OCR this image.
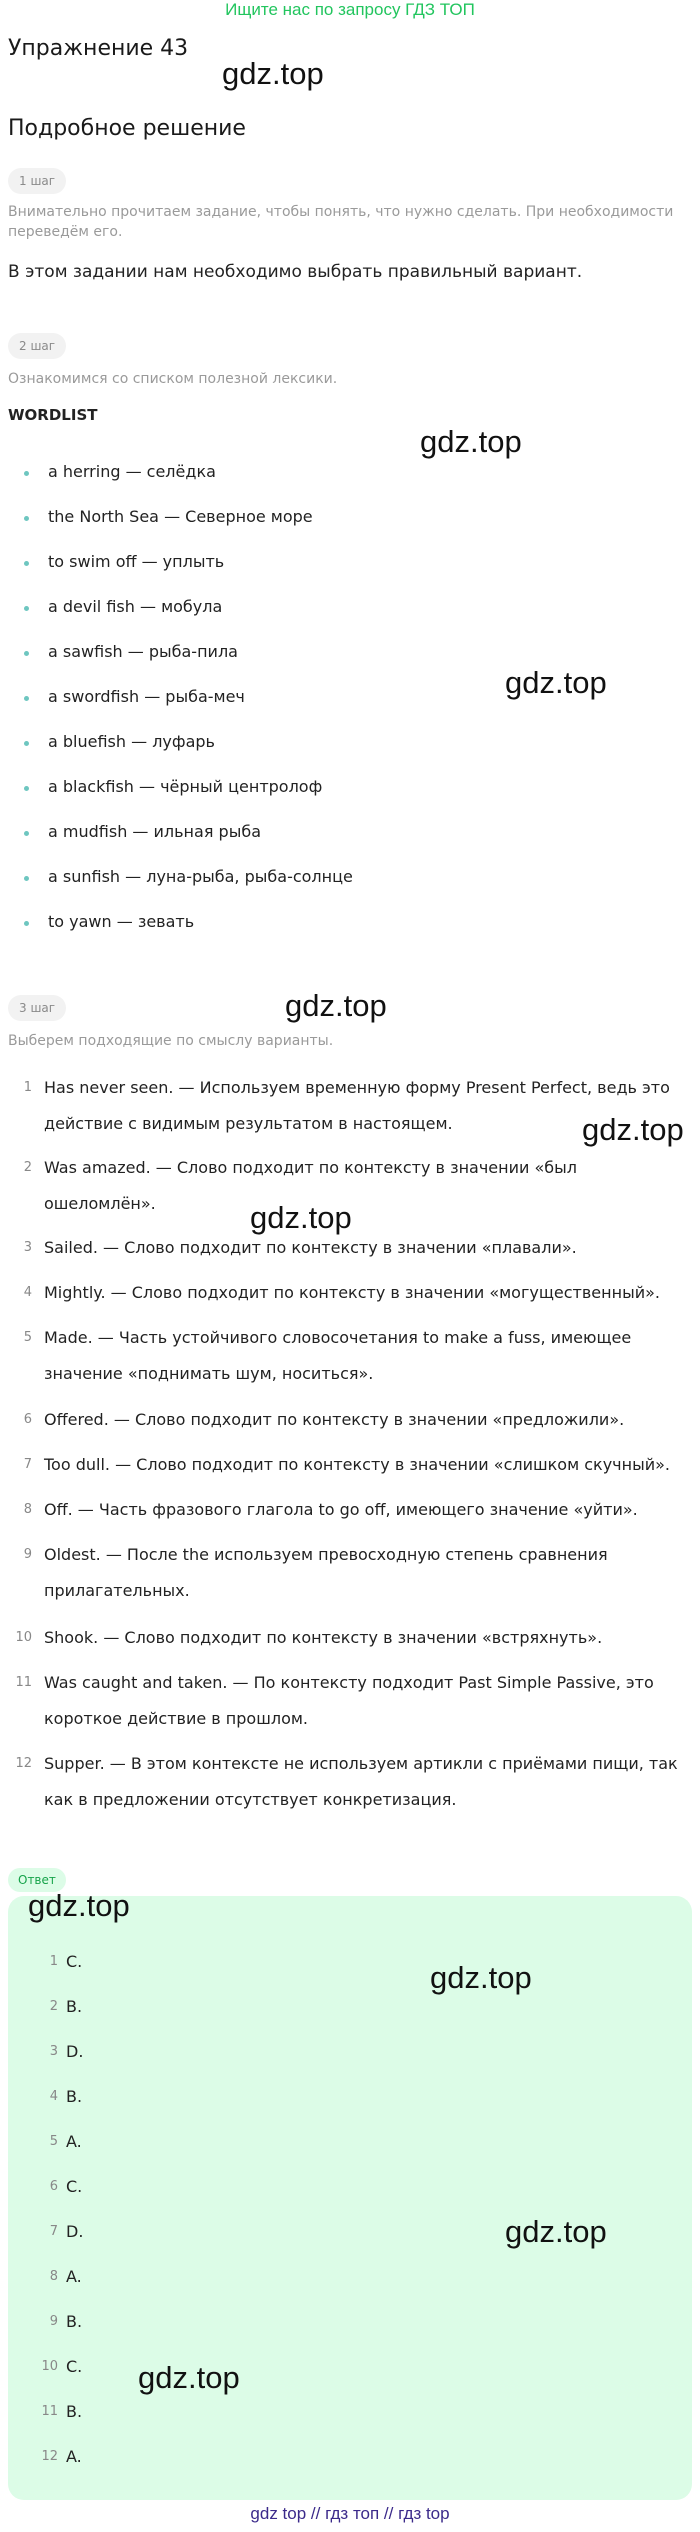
Ищите нас по запросу ГДЗ ТОП
Упражнение 43
gdz.top
Подробное решение
1 шаг
Внимательно прочитаем задание, чтобы понять, что нужно сделать. При необходимости переведём его.
В этом задании нам необходимо выбрать правильный вариант.
2 шаг
Ознакомимся со списком полезной лексики.
WORDLIST
a herring — селёдка
the North Sea — Северное море
to swim off — уплыть
a devil fish — мобула
a sawfish — рыба-пила
a swordfish — рыба-меч
a bluefish — луфарь
a blackfish — чёрный центролоф
a mudfish — ильная рыба
a sunfish — луна-рыба, рыба-солнце
to yawn — зевать
gdz.top
gdz.top
3 шаг	gdz.top
Выберем подходящие по смыслу варианты.
1 Has never seen. — Используем временную форму Present Perfect, ведь это действие с видимым результатом в настоящем.
2 Was amazed. — Слово подходит по контексту в значении «был ошеломлён».
3 Sailed. — Слово подходит по контексту в значении «плавали».
4 Mightly. — Слово подходит по контексту в значении «могущественный».
5 Made. — Часть устойчивого словосочетания to make a fuss, имеющее значение «поднимать шум, носиться».
6 Offered. — Слово подходит по контексту в значении «предложили».
7 Too dull. — Слово подходит по контексту в значении «слишком скучный».
8 Off. — Часть фразового глагола to go off, имеющего значение «уйти».
9 Oldest. — После the используем превосходную степень сравнения прилагательных.
10 Shook. — Слово подходит по контексту в значении «встряхнуть».
11 Was caught and taken. — По контексту подходит Past Simple Passive, это короткое действие в прошлом.
12 Supper. — В этом контексте не используем артикли с приёмами пищи, так как в предложении отсутствует конкретизация.
gdz.top
gdz.top
Ответ
1 C.
2 B.
3 D.
4 B.
5 A.
6 C.
7 D.
8 A.
9 B.
10 C.
11 B.
12 A.
gdz.top
gdz.top
gdz.top
gdz.top
gdz top // гдз топ // гдз top
